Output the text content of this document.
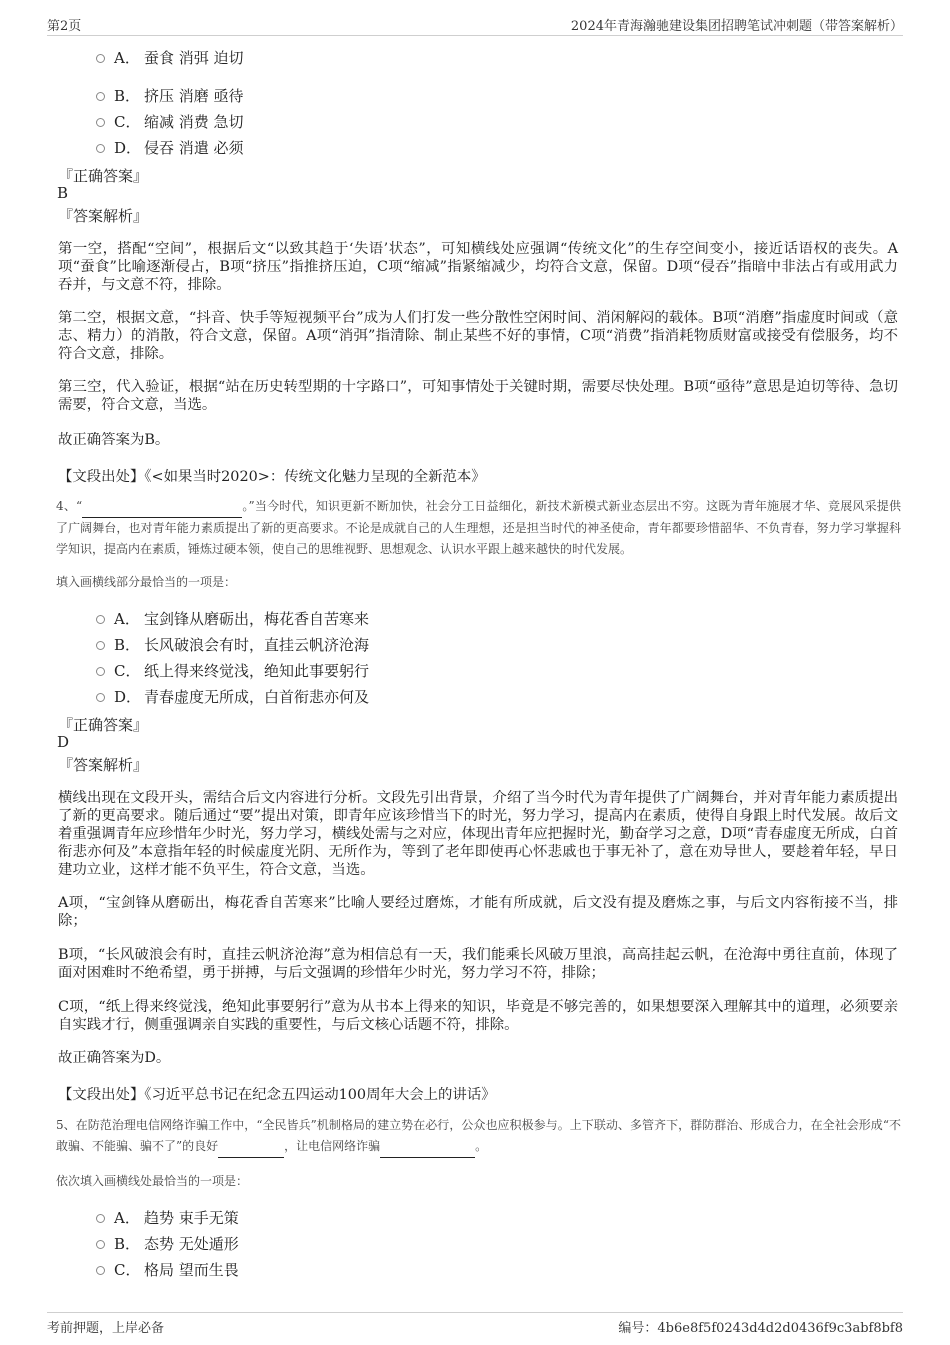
第2页	2024年青海瀚驰建设集团招聘笔试冲刺题（带答案解析）
A． 蚕食 消弭 迫切
B． 挤压 消磨 亟待
C． 缩减 消费 急切
D． 侵吞 消遣 必须
『正确答案』
B
『答案解析』
第一空，搭配“空间”，根据后文“以致其趋于‘失语’状态”，可知横线处应强调“传统文化”的生存空间变小，接近话语权的丧失。A项“蚕食”比喻逐渐侵占，B项“挤压”指推挤压迫，C项“缩减”指紧缩减少，均符合文意，保留。D项“侵吞”指暗中非法占有或用武力吞并，与文意不符，排除。
第二空，根据文意，“抖音、快手等短视频平台”成为人们打发一些分散性空闲时间、消闲解闷的载体。B项“消磨”指虚度时间或（意志、精力）的消散，符合文意，保留。A项“消弭”指清除、制止某些不好的事情，C项“消费”指消耗物质财富或接受有偿服务，均不符合文意，排除。
第三空，代入验证，根据“站在历史转型期的十字路口”，可知事情处于关键时期，需要尽快处理。B项“亟待”意思是迫切等待、急切需要，符合文意，当选。
故正确答案为B。
【文段出处】《<如果当时2020>：传统文化魅力呈现的全新范本》
4、“	。”当今时代，知识更新不断加快，社会分工日益细化，新技术新模式新业态层出不穷。这既为青年施展才华、竞展风采提供了广阔舞台，也对青年能力素质提出了新的更高要求。不论是成就自己的人生理想，还是担当时代的神圣使命，青年都要珍惜韶华、不负青春，努力学习掌握科学知识，提高内在素质，锤炼过硬本领，使自己的思维视野、思想观念、认识水平跟上越来越快的时代发展。
填入画横线部分最恰当的一项是：
A． 宝剑锋从磨砺出，梅花香自苦寒来
B． 长风破浪会有时，直挂云帆济沧海
C． 纸上得来终觉浅，绝知此事要躬行
D． 青春虚度无所成，白首衔悲亦何及
『正确答案』
D
『答案解析』
横线出现在文段开头，需结合后文内容进行分析。文段先引出背景，介绍了当今时代为青年提供了广阔舞台，并对青年能力素质提出了新的更高要求。随后通过“要”提出对策，即青年应该珍惜当下的时光，努力学习，提高内在素质，使得自身跟上时代发展。故后文着重强调青年应珍惜年少时光，努力学习，横线处需与之对应，体现出青年应把握时光，勤奋学习之意，D项“青春虚度无所成，白首衔悲亦何及”本意指年轻的时候虚度光阴、无所作为，等到了老年即使再心怀悲戚也于事无补了，意在劝导世人，要趁着年轻，早日建功立业，这样才能不负平生，符合文意，当选。
A项，“宝剑锋从磨砺出，梅花香自苦寒来”比喻人要经过磨炼，才能有所成就，后文没有提及磨炼之事，与后文内容衔接不当，排除；
B项，“长风破浪会有时，直挂云帆济沧海”意为相信总有一天，我们能乘长风破万里浪，高高挂起云帆，在沧海中勇往直前，体现了面对困难时不绝希望，勇于拼搏，与后文强调的珍惜年少时光，努力学习不符，排除；
C项，“纸上得来终觉浅，绝知此事要躬行”意为从书本上得来的知识，毕竟是不够完善的，如果想要深入理解其中的道理，必须要亲自实践才行，侧重强调亲自实践的重要性，与后文核心话题不符，排除。
故正确答案为D。
【文段出处】《习近平总书记在纪念五四运动100周年大会上的讲话》
5、在防范治理电信网络诈骗工作中，“全民皆兵”机制格局的建立势在必行，公众也应积极参与。上下联动、多管齐下，群防群治、形成合力，在全社会形成“不敢骗、不能骗、骗不了”的良好	，让电信网络诈骗	。
依次填入画横线处最恰当的一项是：
A． 趋势 束手无策
B． 态势 无处遁形
C． 格局 望而生畏
考前押题，上岸必备	编号：4b6e8f5f0243d4d2d0436f9c3abf8bf8
